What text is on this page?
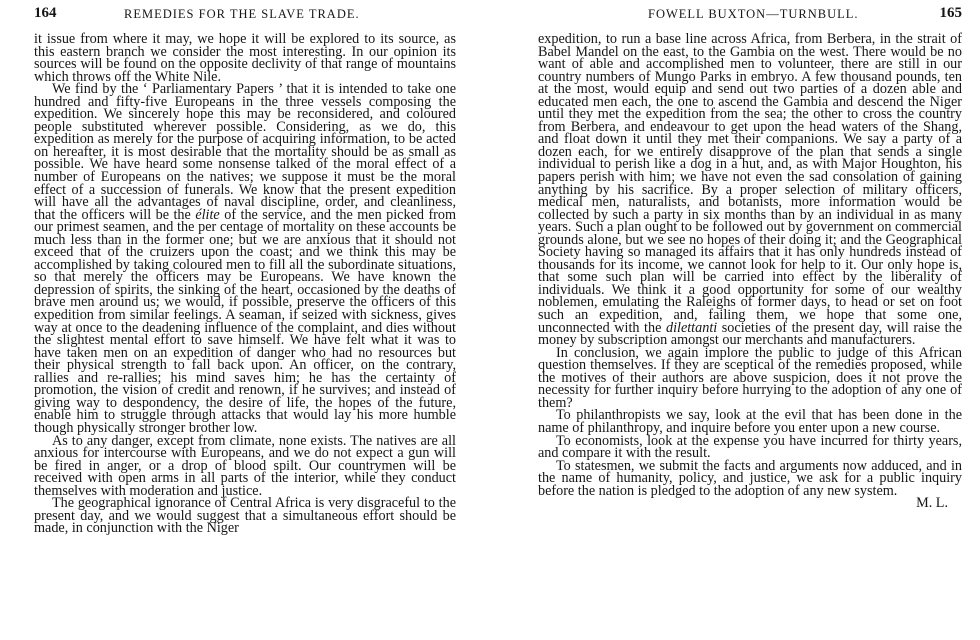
164	REMEDIES FOR THE SLAVE TRADE.

it issue from where it may, we hope it will be explored to its source, as this eastern branch we consider the most interesting. In our opinion its sources will be found on the opposite declivity of that range of mountains which throws off the White Nile.

We find by the ‘ Parliamentary Papers ’ that it is intended to take one hundred and fifty-five Europeans in the three vessels composing the expedition. We sincerely hope this may be reconsidered, and coloured people substituted wherever possible. Considering, as we do, this expedition as merely for the purpose of acquiring information, to be acted on hereafter, it is most desirable that the mortality should be as small as possible. We have heard some nonsense talked of the moral effect of a number of Europeans on the natives; we suppose it must be the moral effect of a succession of funerals. We know that the present expedition will have all the advantages of naval discipline, order, and cleanliness, that the officers will be the élite of the service, and the men picked from our primest seamen, and the per centage of mortality on these accounts be much less than in the former one; but we are anxious that it should not exceed that of the cruizers upon the coast; and we think this may be accomplished by taking coloured men to fill all the subordinate situations, so that merely the officers may be Europeans. We have known the depression of spirits, the sinking of the heart, occasioned by the deaths of brave men around us; we would, if possible, preserve the officers of this expedition from similar feelings. A seaman, if seized with sickness, gives way at once to the deadening influence of the complaint, and dies without the slightest mental effort to save himself. We have felt what it was to have taken men on an expedition of danger who had no resources but their physical strength to fall back upon. An officer, on the contrary, rallies and re-rallies; his mind saves him; he has the certainty of promotion, the vision of credit and renown, if he survives; and instead of giving way to despondency, the desire of life, the hopes of the future, enable him to struggle through attacks that would lay his more humble though physically stronger brother low.

As to any danger, except from climate, none exists. The natives are all anxious for intercourse with Europeans, and we do not expect a gun will be fired in anger, or a drop of blood spilt. Our countrymen will be received with open arms in all parts of the interior, while they conduct themselves with moderation and justice.

The geographical ignorance of Central Africa is very disgraceful to the present day, and we would suggest that a simultaneous effort should be made, in conjunction with the Niger

FOWELL BUXTON—TURNBULL.	165

expedition, to run a base line across Africa, from Berbera, in the strait of Babel Mandel on the east, to the Gambia on the west. There would be no want of able and accomplished men to volunteer, there are still in our country numbers of Mungo Parks in embryo. A few thousand pounds, ten at the most, would equip and send out two parties of a dozen able and educated men each, the one to ascend the Gambia and descend the Niger until they met the expedition from the sea; the other to cross the country from Berbera, and endeavour to get upon the head waters of the Shang, and float down it until they met their companions. We say a party of a dozen each, for we entirely disapprove of the plan that sends a single individual to perish like a dog in a hut, and, as with Major Houghton, his papers perish with him; we have not even the sad consolation of gaining anything by his sacrifice. By a proper selection of military officers, medical men, naturalists, and botanists, more information would be collected by such a party in six months than by an individual in as many years. Such a plan ought to be followed out by government on commercial grounds alone, but we see no hopes of their doing it; and the Geographical Society having so managed its affairs that it has only hundreds instead of thousands for its income, we cannot look for help to it. Our only hope is, that some such plan will be carried into effect by the liberality of individuals. We think it a good opportunity for some of our wealthy noblemen, emulating the Raleighs of former days, to head or set on foot such an expedition, and, failing them, we hope that some one, unconnected with the dilettanti societies of the present day, will raise the money by subscription amongst our merchants and manufacturers.

In conclusion, we again implore the public to judge of this African question themselves. If they are sceptical of the remedies proposed, while the motives of their authors are above suspicion, does it not prove the necessity for further inquiry before hurrying to the adoption of any one of them?

To philanthropists we say, look at the evil that has been done in the name of philanthropy, and inquire before you enter upon a new course.

To economists, look at the expense you have incurred for thirty years, and compare it with the result.

To statesmen, we submit the facts and arguments now adduced, and in the name of humanity, policy, and justice, we ask for a public inquiry before the nation is pledged to the adoption of any new system.

M. L.
